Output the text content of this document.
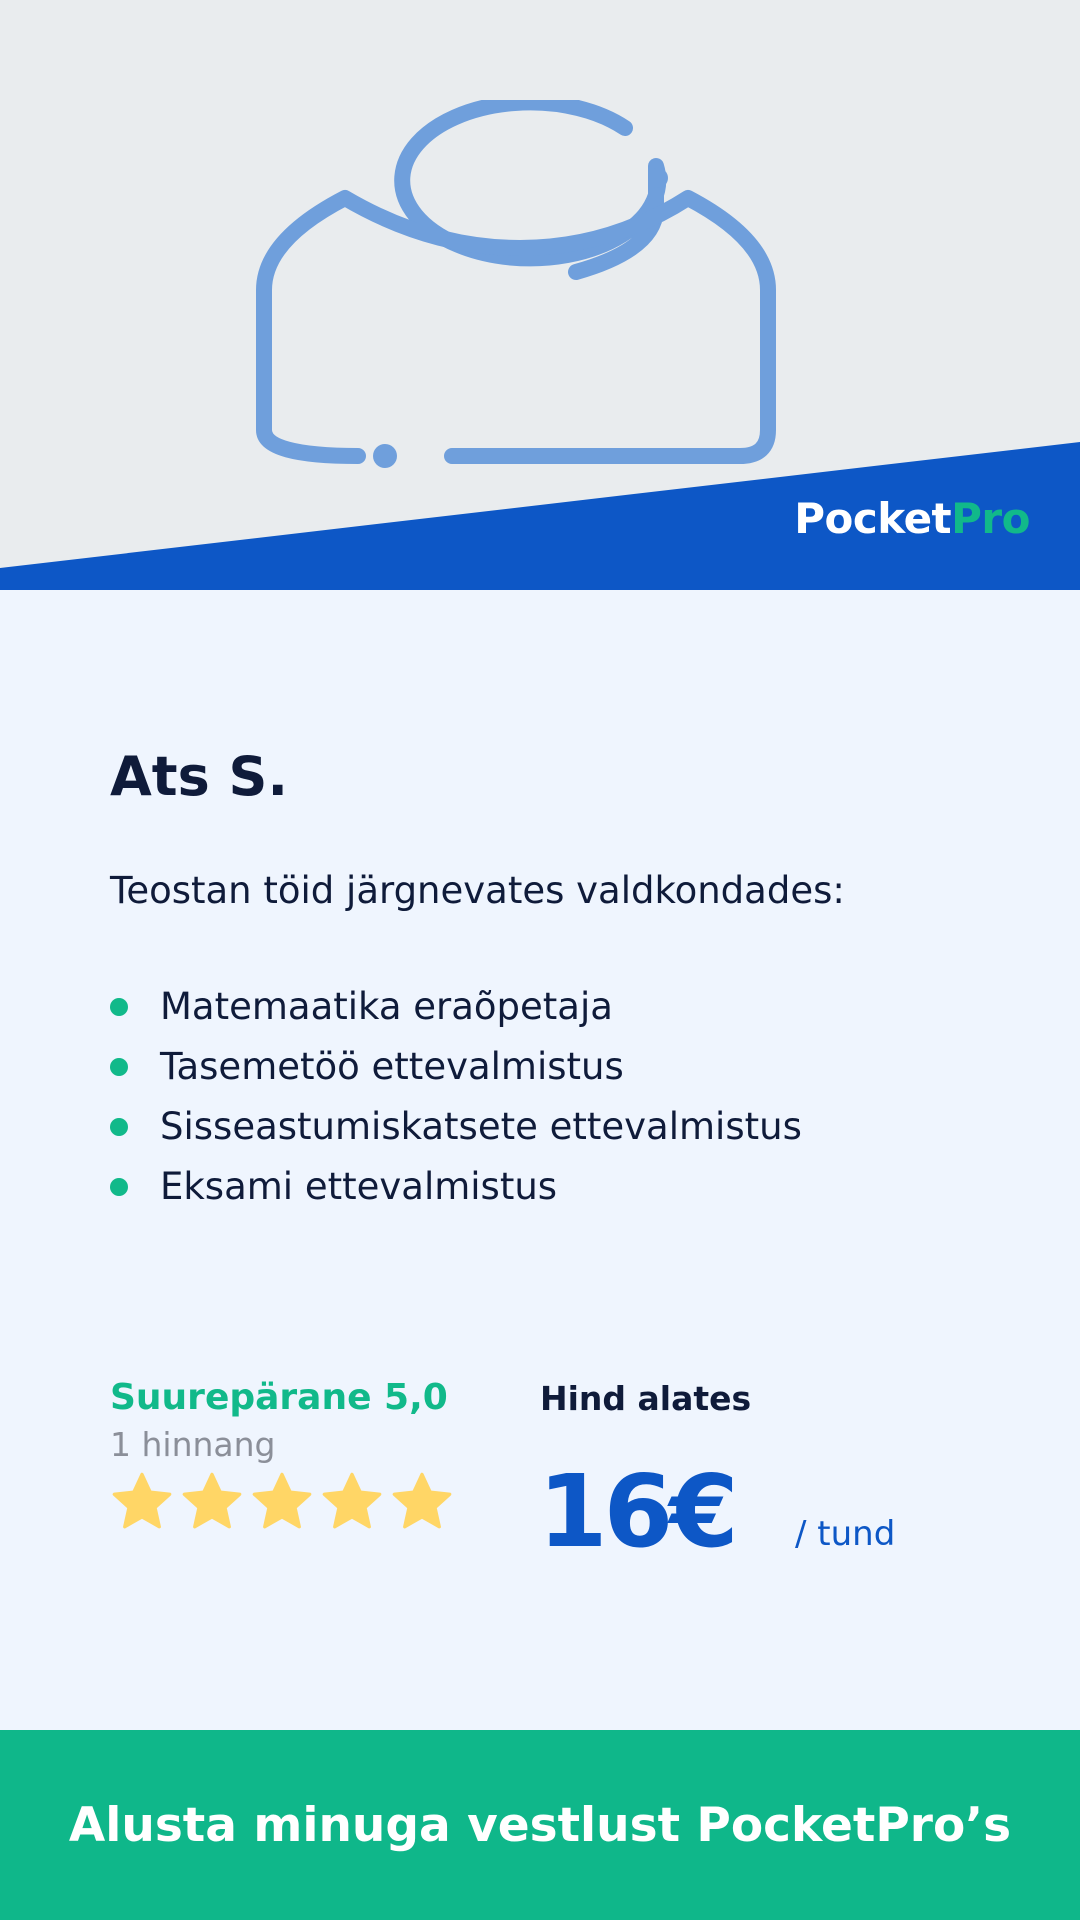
PocketPro
Ats S.
Teostan töid järgnevates valdkondades:
Matemaatika eraõpetaja
Tasemetöö ettevalmistus
Sisseastumiskatsete ettevalmistus
Eksami ettevalmistus
Suurepärane 5,0
1 hinnang
Hind alates
16€ / tund
Alusta minuga vestlust PocketPro’s
